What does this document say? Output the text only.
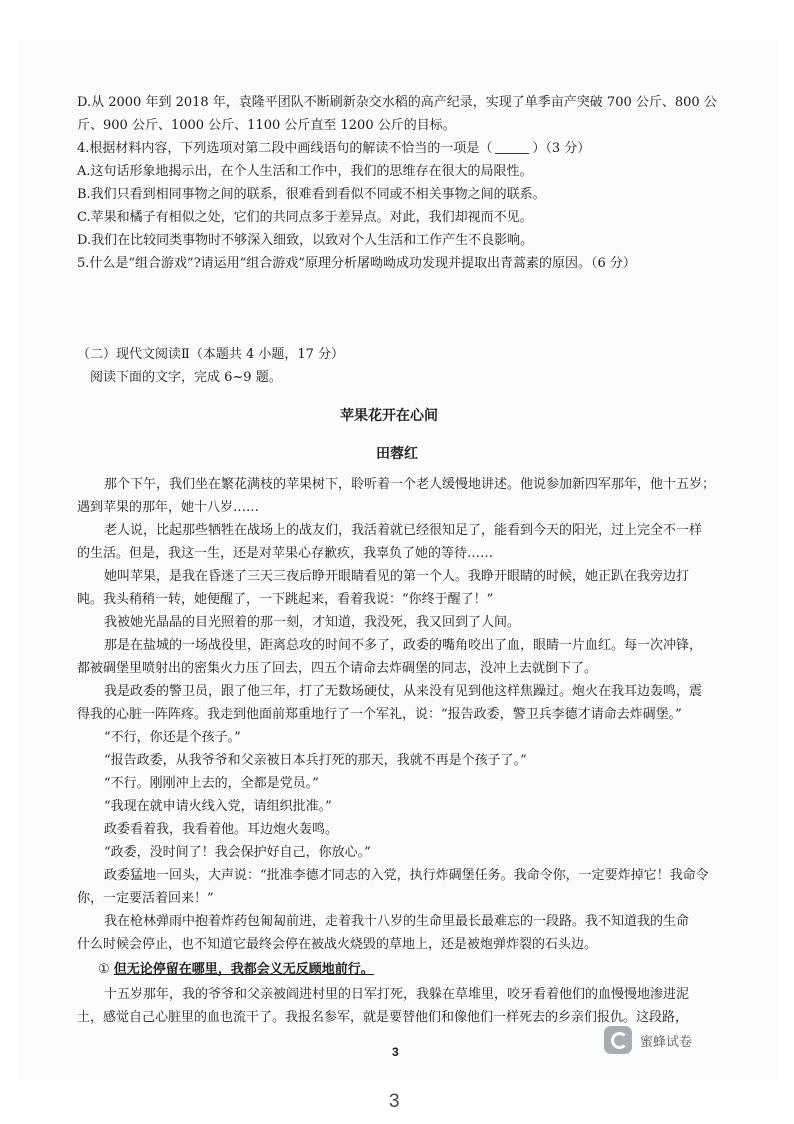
D.从 2000 年到 2018 年，袁隆平团队不断刷新杂交水稻的高产纪录，实现了单季亩产突破 700 公斤、800 公
斤、900 公斤、1000 公斤、1100 公斤直至 1200 公斤的目标。
4.根据材料内容，下列选项对第二段中画线语句的解读不恰当的一项是（	）（3 分）
A.这句话形象地揭示出，在个人生活和工作中，我们的思维存在很大的局限性。
B.我们只看到相同事物之间的联系，很难看到看似不同或不相关事物之间的联系。
C.苹果和橘子有相似之处，它们的共同点多于差异点。对此，我们却视而不见。
D.我们在比较同类事物时不够深入细致，以致对个人生活和工作产生不良影响。
5.什么是“组合游戏”?请运用“组合游戏”原理分析屠呦呦成功发现并提取出青蒿素的原因。（6 分）
（二）现代文阅读Ⅱ（本题共 4 小题，17 分）
阅读下面的文字，完成 6~9 题。
苹果花开在心间
田蓉红
那个下午，我们坐在繁花满枝的苹果树下，聆听着一个老人缓慢地讲述。他说参加新四军那年，他十五岁；
遇到苹果的那年，她十八岁……
老人说，比起那些牺牲在战场上的战友们，我活着就已经很知足了，能看到今天的阳光，过上完全不一样
的生活。但是，我这一生，还是对苹果心存歉疚，我辜负了她的等待……
她叫苹果，是我在昏迷了三天三夜后睁开眼睛看见的第一个人。我睁开眼睛的时候，她正趴在我旁边打
盹。我头稍稍一转，她便醒了，一下跳起来，看着我说：“你终于醒了！”
我被她光晶晶的目光照着的那一刻，才知道，我没死，我又回到了人间。
那是在盐城的一场战役里，距离总攻的时间不多了，政委的嘴角咬出了血，眼睛一片血红。每一次冲锋，
都被碉堡里喷射出的密集火力压了回去，四五个请命去炸碉堡的同志，没冲上去就倒下了。
我是政委的警卫员，跟了他三年，打了无数场硬仗，从来没有见到他这样焦躁过。炮火在我耳边轰鸣，震
得我的心脏一阵阵疼。我走到他面前郑重地行了一个军礼，说：“报告政委，警卫兵李德才请命去炸碉堡。”
“不行，你还是个孩子。”
“报告政委，从我爷爷和父亲被日本兵打死的那天，我就不再是个孩子了。”
“不行。刚刚冲上去的，全都是党员。”
“我现在就申请火线入党，请组织批准。”
政委看着我，我看着他。耳边炮火轰鸣。
“政委，没时间了！我会保护好自己，你放心。”
政委猛地一回头，大声说：“批准李德才同志的入党，执行炸碉堡任务。我命令你，一定要炸掉它！我命令
你，一定要活着回来！”
我在枪林弹雨中抱着炸药包匍匐前进，走着我十八岁的生命里最长最难忘的一段路。我不知道我的生命
什么时候会停止，也不知道它最终会停在被战火烧毁的草地上，还是被炮弹炸裂的石头边。
① 但无论停留在哪里，我都会义无反顾地前行。
十五岁那年，我的爷爷和父亲被阎进村里的日军打死，我躲在草堆里，咬牙看着他们的血慢慢地渗进泥
土，感觉自己心脏里的血也流干了。我报名参军，就是要替他们和像他们一样死去的乡亲们报仇。这段路，
3
3
蜜蜂试卷
